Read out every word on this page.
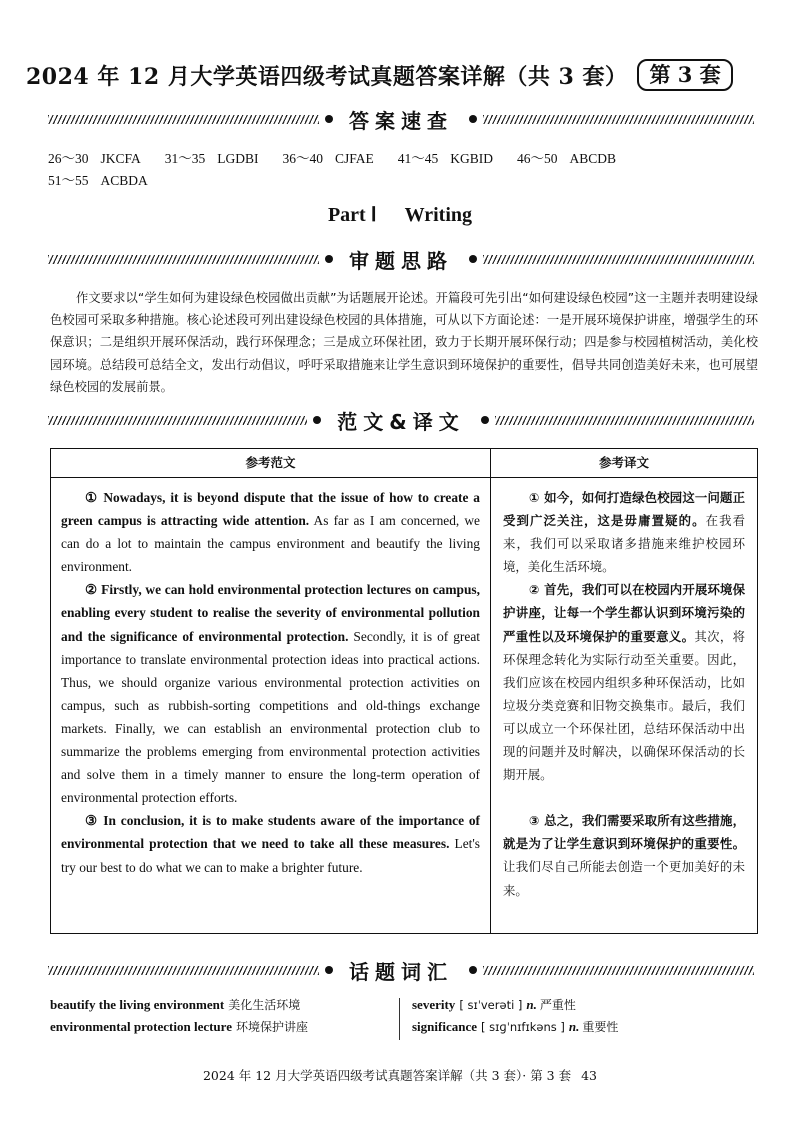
2024 年 12 月大学英语四级考试真题答案详解（共 3 套）	第 3 套
答案速查
26～30 JKCFA 31～35 LGDBI 36～40 CJFAE 41～45 KGBID 46～50 ABCDB
51～55 ACBDA
Part Ⅰ Writing
审题思路
作文要求以“学生如何为建设绿色校园做出贡献”为话题展开论述。开篇段可先引出“如何建设绿色校园”这一主题并表明建设绿色校园可采取多种措施。核心论述段可列出建设绿色校园的具体措施，可从以下方面论述：一是开展环境保护讲座，增强学生的环保意识；二是组织开展环保活动，践行环保理念；三是成立环保社团，致力于长期开展环保行动；四是参与校园植树活动，美化校园环境。总结段可总结全文，发出行动倡议，呼吁采取措施来让学生意识到环境保护的重要性，倡导共同创造美好未来，也可展望绿色校园的发展前景。
范文&译文
参考范文

① Nowadays, it is beyond dispute that the issue of how to create a green campus is attracting wide attention. As far as I am concerned, we can do a lot to maintain the campus environment and beautify the living environment.

② Firstly, we can hold environmental protection lectures on campus, enabling every student to realise the severity of environmental pollution and the significance of environmental protection. Secondly, it is of great importance to translate environmental protection ideas into practical actions. Thus, we should organize various environmental protection activities on campus, such as rubbish-sorting competitions and old-things exchange markets. Finally, we can establish an environmental protection club to summarize the problems emerging from environmental protection activities and solve them in a timely manner to ensure the long-term operation of environmental protection efforts.

③ In conclusion, it is to make students aware of the importance of environmental protection that we need to take all these measures. Let's try our best to do what we can to make a brighter future.

参考译文

① 如今，如何打造绿色校园这一问题正受到广泛关注，这是毋庸置疑的。在我看来，我们可以采取诸多措施来维护校园环境，美化生活环境。

② 首先，我们可以在校园内开展环境保护讲座，让每一个学生都认识到环境污染的严重性以及环境保护的重要意义。其次，将环保理念转化为实际行动至关重要。因此，我们应该在校园内组织多种环保活动，比如垃圾分类竞赛和旧物交换集市。最后，我们可以成立一个环保社团，总结环保活动中出现的问题并及时解决，以确保环保活动的长期开展。

③ 总之，我们需要采取所有这些措施，就是为了让学生意识到环境保护的重要性。让我们尽自己所能去创造一个更加美好的未来。

话题词汇
beautify the living environment 美化生活环境
environmental protection lecture 环境保护讲座
severity [ sɪˈverəti ] n. 严重性
significance [ sɪɡˈnɪfɪkəns ] n. 重要性
2024 年 12 月大学英语四级考试真题答案详解（共 3 套）· 第 3 套 43
